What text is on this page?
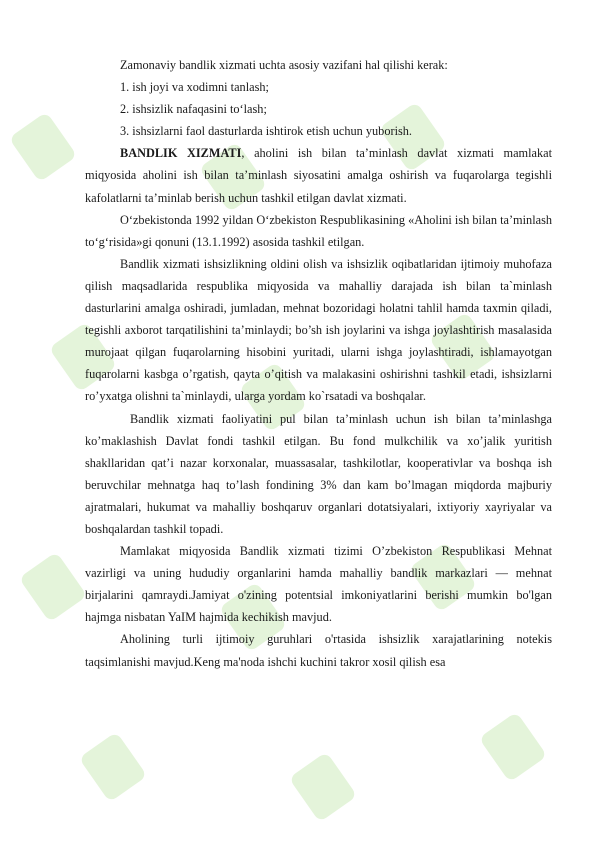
Zamonaviy bandlik xizmati uchta asosiy vazifani hal qilishi kerak:

1. ish joyi va xodimni tanlash;

2. ishsizlik nafaqasini to‘lash;

3. ishsizlarni faol dasturlarda ishtirok etish uchun yuborish.

BANDLIK XIZMATI, aholini ish bilan ta’minlash davlat xizmati mamlakat miqyosida aholini ish bilan ta’minlash siyosatini amalga oshirish va fuqarolarga tegishli kafolatlarni ta’minlab berish uchun tashkil etilgan davlat xizmati.

O‘zbekistonda 1992 yildan O‘zbekiston Respublikasining «Aholini ish bilan ta’minlash to‘g‘risida»gi qonuni (13.1.1992) asosida tashkil etilgan.

Bandlik xizmati ishsizlikning oldini olish va ishsizlik oqibatlaridan ijtimoiy muhofaza qilish maqsadlarida respublika miqyosida va mahalliy darajada ish bilan ta`minlash dasturlarini amalga oshiradi, jumladan, mehnat bozoridagi holatni tahlil hamda taxmin qiladi, tegishli axborot tarqatilishini ta’minlaydi; bo’sh ish joylarini va ishga joylashtirish masalasida murojaat qilgan fuqarolarning hisobini yuritadi, ularni ishga joylashtiradi, ishlamayotgan fuqarolarni kasbga o’rgatish, qayta o’qitish va malakasini oshirishni tashkil etadi, ishsizlarni ro’yxatga olishni ta`minlaydi, ularga yordam ko`rsatadi va boshqalar.

Bandlik xizmati faoliyatini pul bilan ta’minlash uchun ish bilan ta’minlashga ko’maklashish Davlat fondi tashkil etilgan. Bu fond mulkchilik va xo’jalik yuritish shakllaridan qat’i nazar korxonalar, muassasalar, tashkilotlar, kooperativlar va boshqa ish beruvchilar mehnatga haq to’lash fondining 3% dan kam bo’lmagan miqdorda majburiy ajratmalari, hukumat va mahalliy boshqaruv organlari dotatsiyalari, ixtiyoriy xayriyalar va boshqalardan tashkil topadi.

Mamlakat miqyosida Bandlik xizmati tizimi O’zbekiston Respublikasi Mehnat vazirligi va uning hududiy organlarini hamda mahalliy bandlik markazlari — mehnat birjalarini qamraydi.Jamiyat o'zining potentsial imkoniyatlarini berishi mumkin bo'lgan hajmga nisbatan YaIM hajmida kechikish mavjud.

Aholining turli ijtimoiy guruhlari o'rtasida ishsizlik xarajatlarining notekis taqsimlanishi mavjud.Keng ma'noda ishchi kuchini takror xosil qilish esa
